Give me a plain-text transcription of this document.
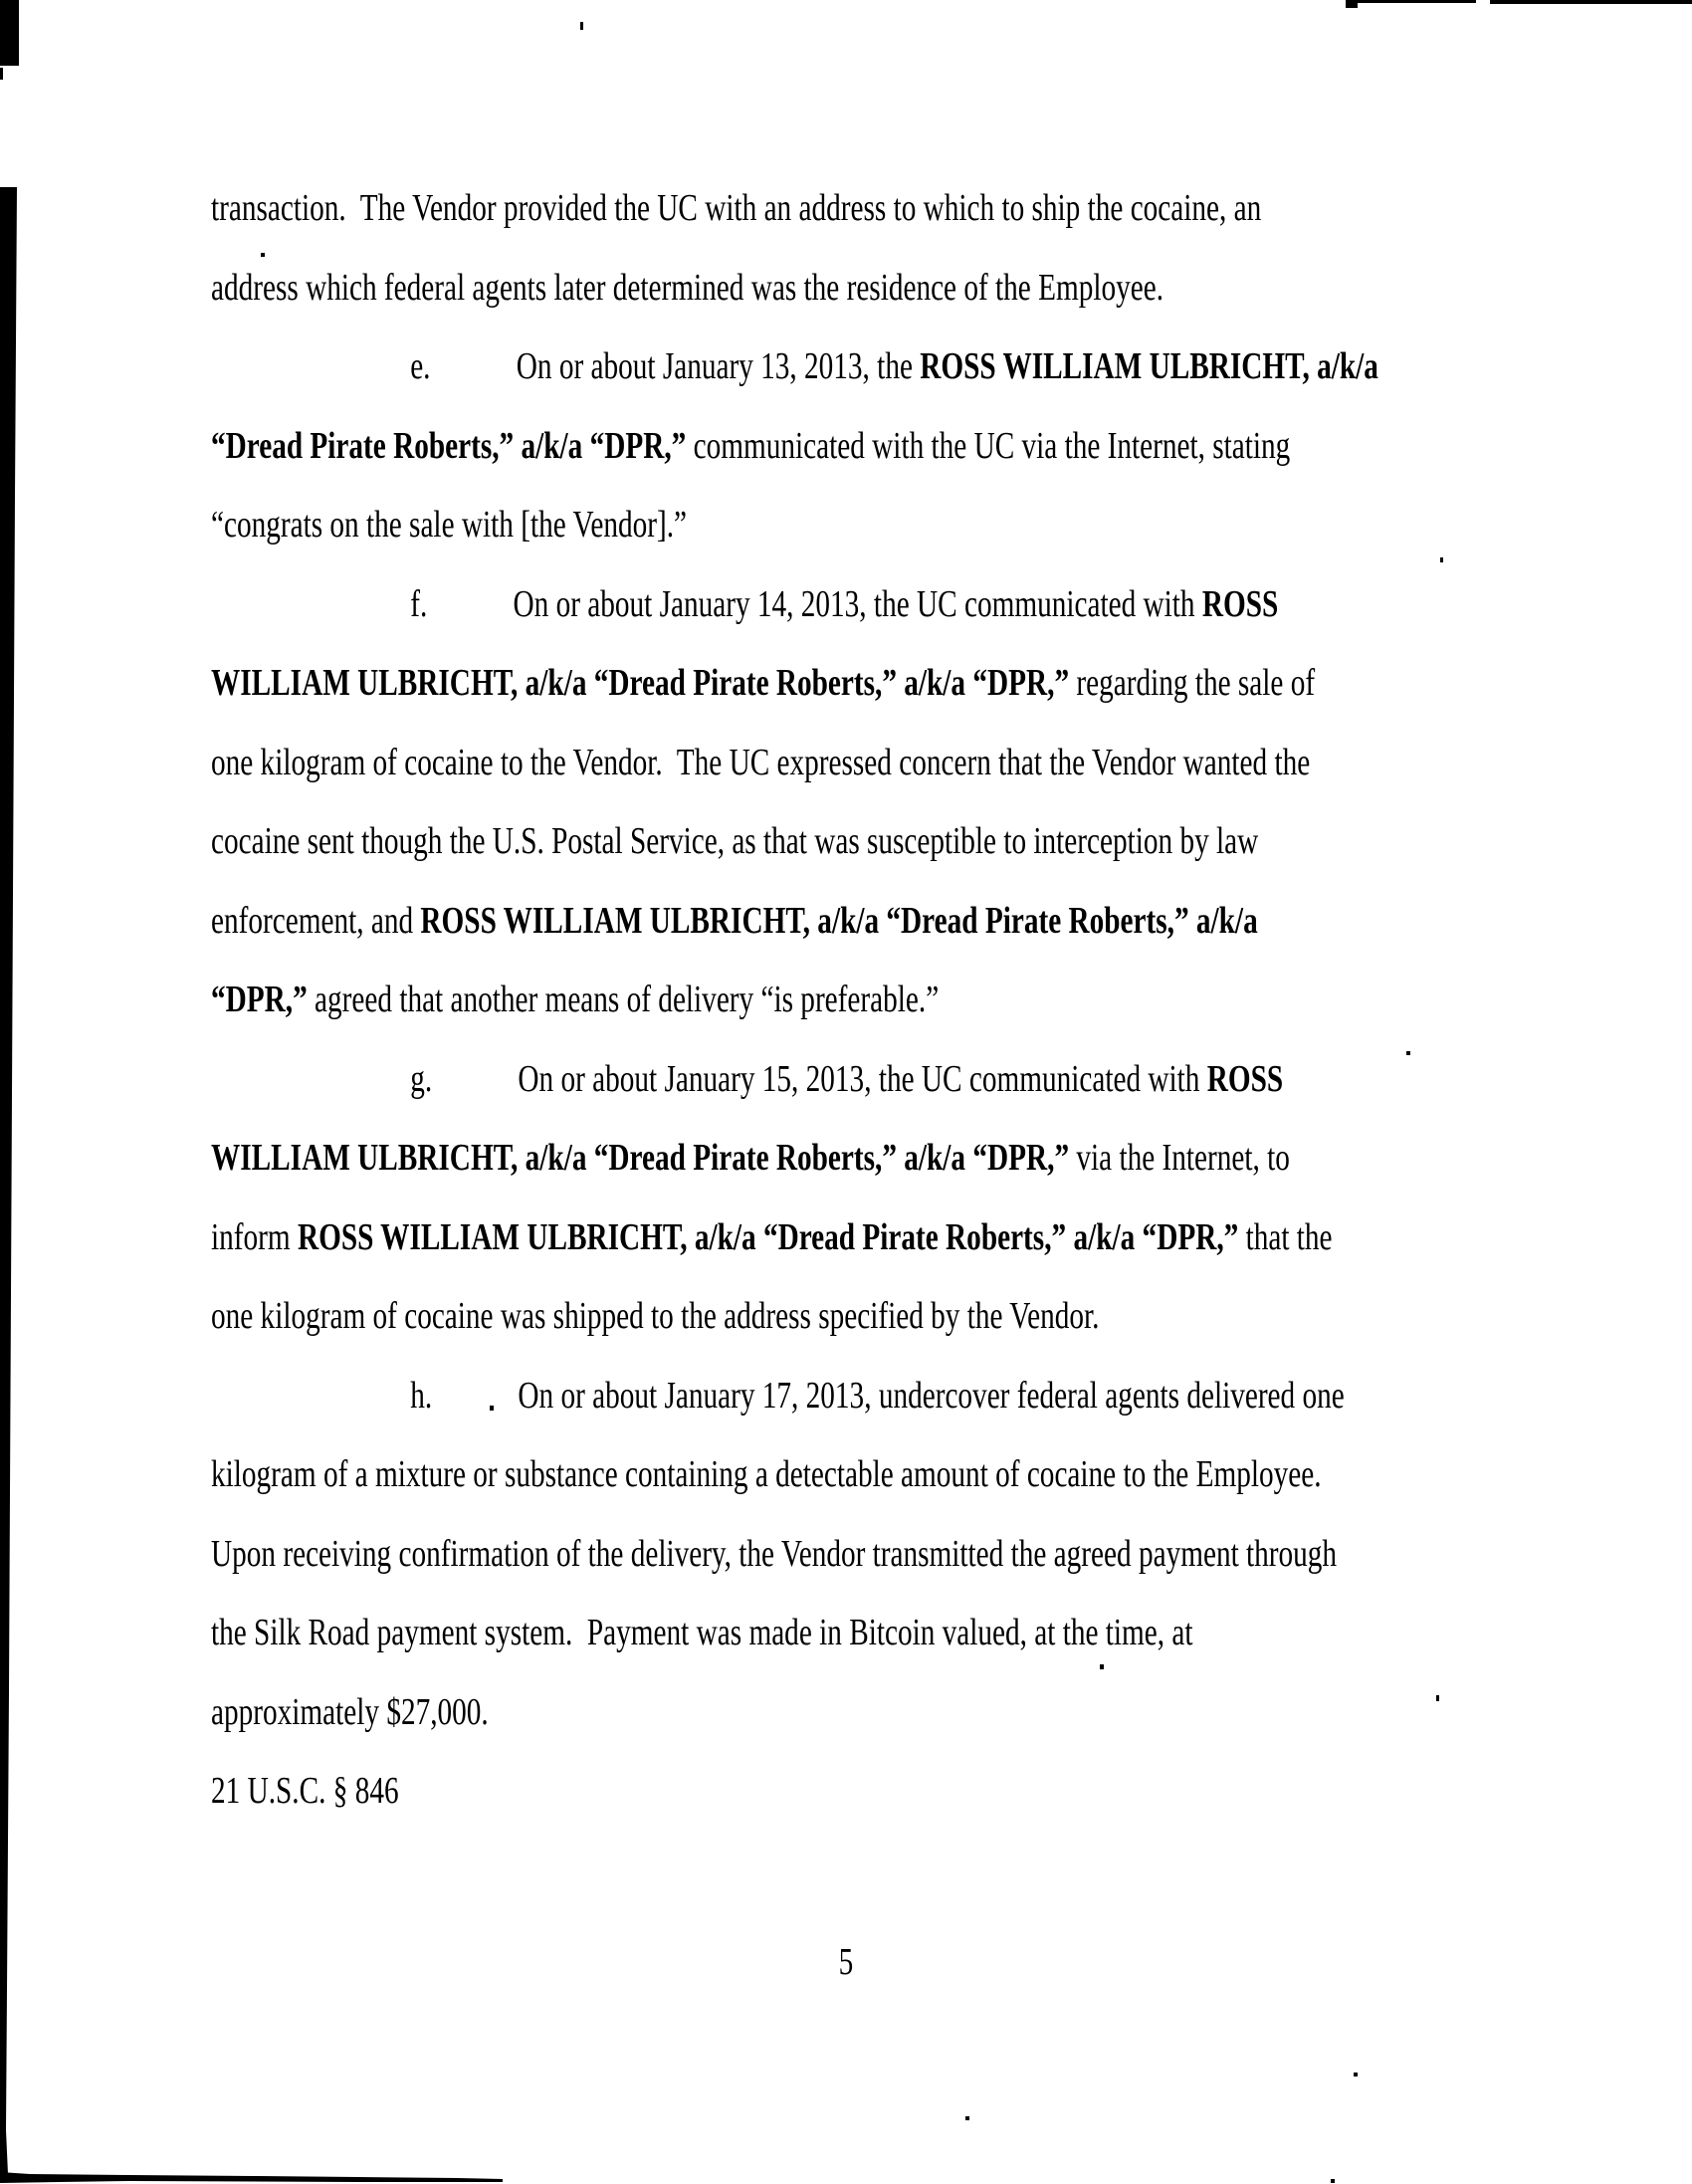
transaction.  The Vendor provided the UC with an address to which to ship the cocaine, an
address which federal agents later determined was the residence of the Employee.
e. On or about January 13, 2013, the ROSS WILLIAM ULBRICHT, a/k/a
“Dread Pirate Roberts,” a/k/a “DPR,” communicated with the UC via the Internet, stating
“congrats on the sale with [the Vendor].”
f. On or about January 14, 2013, the UC communicated with ROSS
WILLIAM ULBRICHT, a/k/a “Dread Pirate Roberts,” a/k/a “DPR,” regarding the sale of
one kilogram of cocaine to the Vendor.  The UC expressed concern that the Vendor wanted the
cocaine sent though the U.S. Postal Service, as that was susceptible to interception by law
enforcement, and ROSS WILLIAM ULBRICHT, a/k/a “Dread Pirate Roberts,” a/k/a
“DPR,” agreed that another means of delivery “is preferable.”
g. On or about January 15, 2013, the UC communicated with ROSS
WILLIAM ULBRICHT, a/k/a “Dread Pirate Roberts,” a/k/a “DPR,” via the Internet, to
inform ROSS WILLIAM ULBRICHT, a/k/a “Dread Pirate Roberts,” a/k/a “DPR,” that the
one kilogram of cocaine was shipped to the address specified by the Vendor.
h. On or about January 17, 2013, undercover federal agents delivered one
kilogram of a mixture or substance containing a detectable amount of cocaine to the Employee.
Upon receiving confirmation of the delivery, the Vendor transmitted the agreed payment through
the Silk Road payment system.  Payment was made in Bitcoin valued, at the time, at
approximately $27,000.
21 U.S.C. § 846
5
